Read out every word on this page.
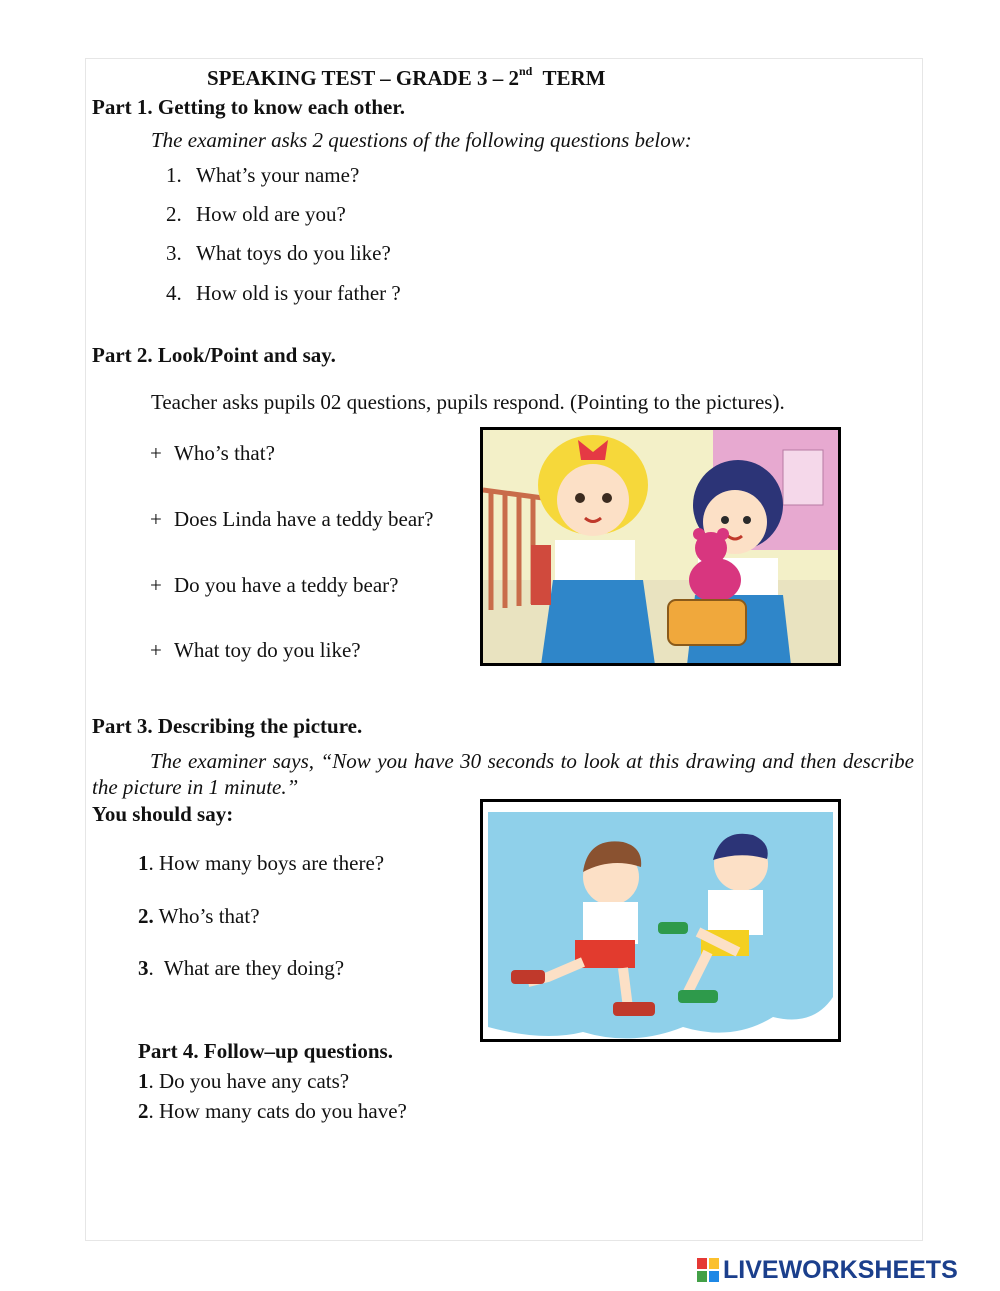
SPEAKING TEST – GRADE 3 – 2nd  TERM
Part 1. Getting to know each other.
The examiner asks 2 questions of the following questions below:
1. What’s your name?
2. How old are you?
3. What toys do you like?
4. How old is your father ?
Part 2. Look/Point and say.
Teacher asks pupils 02 questions, pupils respond. (Pointing to the pictures).
+ Who’s that?
+ Does Linda have a teddy bear?
+ Do you have a teddy bear?
+ What toy do you like?
Part 3. Describing the picture.
The examiner says, “Now you have 30 seconds to look at this drawing and then describe the picture in 1 minute.”
You should say:
1. How many boys are there?
2. Who’s that?
3.  What are they doing?
Part 4. Follow–up questions.
1. Do you have any cats?
2. How many cats do you have?
LIVEWORKSHEETS
